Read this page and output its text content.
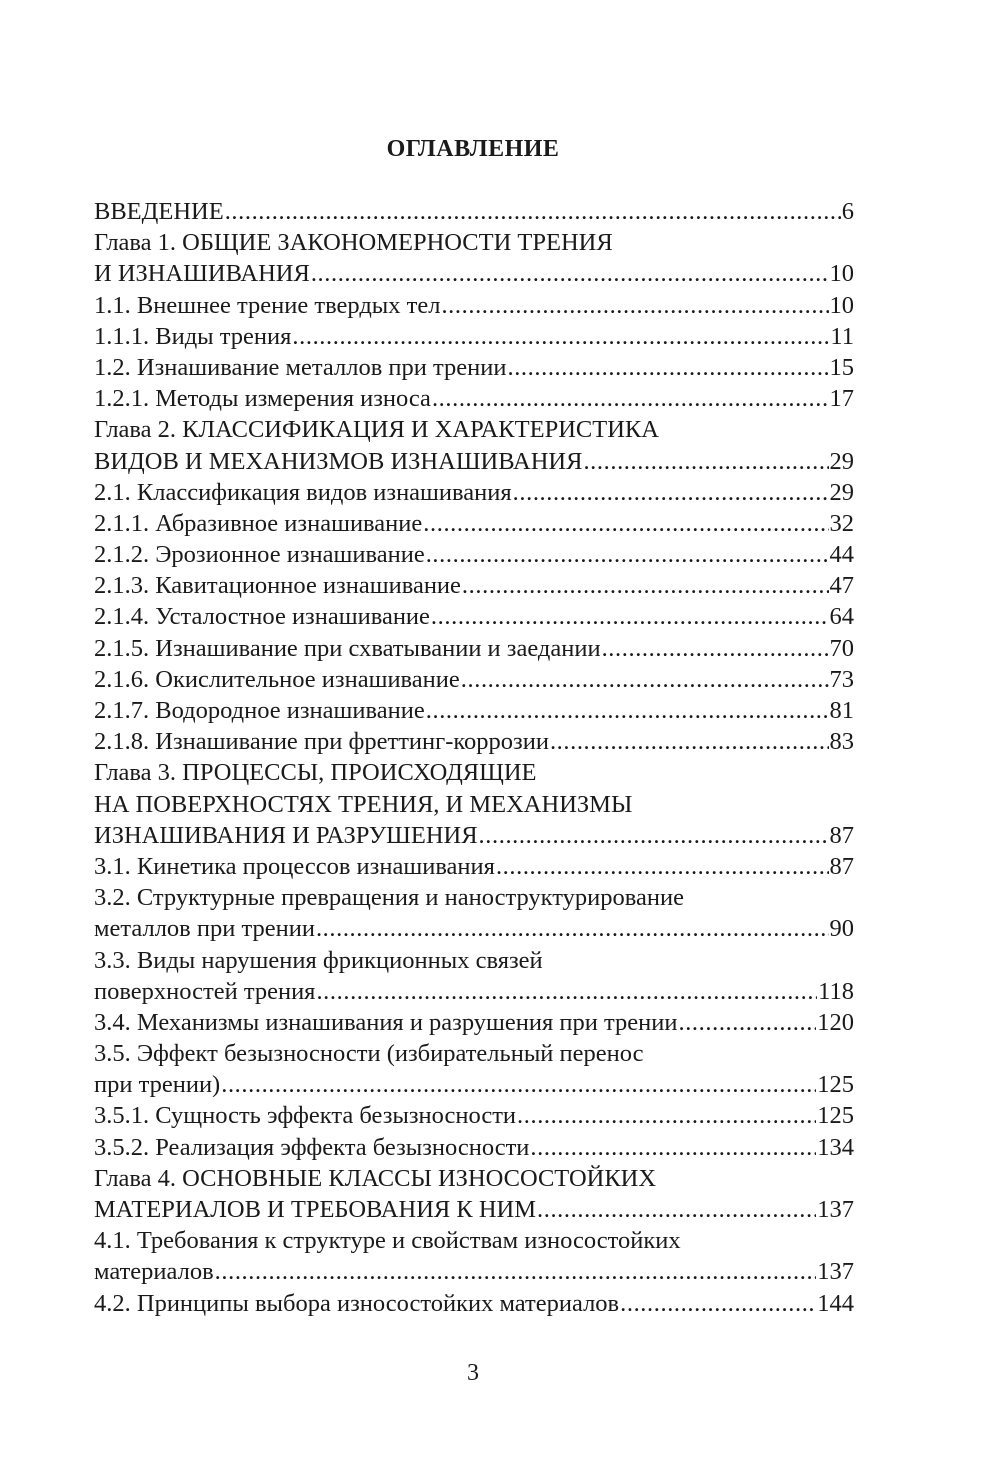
ОГЛАВЛЕНИЕ
ВВЕДЕНИЕ .....	6
Глава 1. ОБЩИЕ ЗАКОНОМЕРНОСТИ ТРЕНИЯ
И ИЗНАШИВАНИЯ .....	10
1.1. Внешнее трение твердых тел .....	10
1.1.1. Виды трения .....	11
1.2. Изнашивание металлов при трении .....	15
1.2.1. Методы измерения износа .....	17
Глава 2. КЛАССИФИКАЦИЯ И ХАРАКТЕРИСТИКА
ВИДОВ И МЕХАНИЗМОВ ИЗНАШИВАНИЯ .....	29
2.1. Классификация видов изнашивания .....	29
2.1.1. Абразивное изнашивание .....	32
2.1.2. Эрозионное изнашивание .....	44
2.1.3. Кавитационное изнашивание .....	47
2.1.4. Усталостное изнашивание .....	64
2.1.5. Изнашивание при схватывании и заедании .....	70
2.1.6. Окислительное изнашивание .....	73
2.1.7. Водородное изнашивание .....	81
2.1.8. Изнашивание при фреттинг-коррозии .....	83
Глава 3. ПРОЦЕССЫ, ПРОИСХОДЯЩИЕ
НА ПОВЕРХНОСТЯХ ТРЕНИЯ, И МЕХАНИЗМЫ
ИЗНАШИВАНИЯ И РАЗРУШЕНИЯ .....	87
3.1. Кинетика процессов изнашивания .....	87
3.2. Структурные превращения и наноструктурирование
металлов при трении .....	90
3.3. Виды нарушения фрикционных связей
поверхностей трения .....	118
3.4. Механизмы изнашивания и разрушения при трении .....	120
3.5. Эффект безызносности (избирательный перенос
при трении) .....	125
3.5.1. Сущность эффекта безызносности .....	125
3.5.2. Реализация эффекта безызносности .....	134
Глава 4. ОСНОВНЫЕ КЛАССЫ ИЗНОСОСТОЙКИХ
МАТЕРИАЛОВ И ТРЕБОВАНИЯ К НИМ .....	137
4.1. Требования к структуре и свойствам износостойких
материалов .....	137
4.2. Принципы выбора износостойких материалов .....	144
3
